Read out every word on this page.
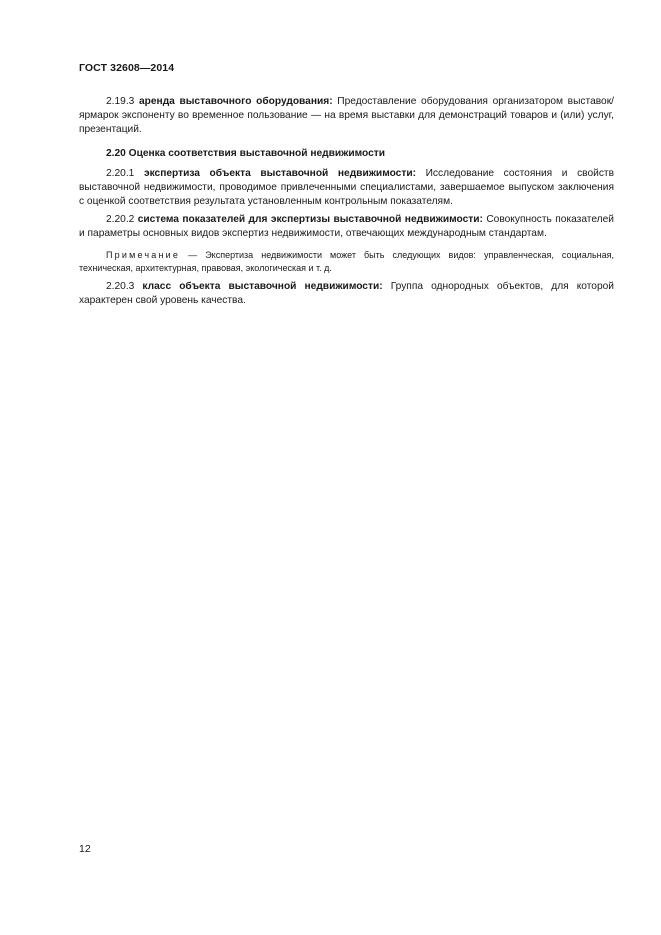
ГОСТ 32608—2014

2.19.3 аренда выставочного оборудования: Предоставление оборудования организатором выставок/ярмарок экспоненту во временное пользование — на время выставки для демонстраций товаров и (или) услуг, презентаций.

2.20 Оценка соответствия выставочной недвижимости

2.20.1 экспертиза объекта выставочной недвижимости: Исследование состояния и свойств выставочной недвижимости, проводимое привлеченными специалистами, завершаемое выпуском заключения с оценкой соответствия результата установленным контрольным показателям.

2.20.2 система показателей для экспертизы выставочной недвижимости: Совокупность показателей и параметры основных видов экспертиз недвижимости, отвечающих международным стандартам.

Примечание — Экспертиза недвижимости может быть следующих видов: управленческая, социальная, техническая, архитектурная, правовая, экологическая и т. д.

2.20.3 класс объекта выставочной недвижимости: Группа однородных объектов, для которой характерен свой уровень качества.

12
